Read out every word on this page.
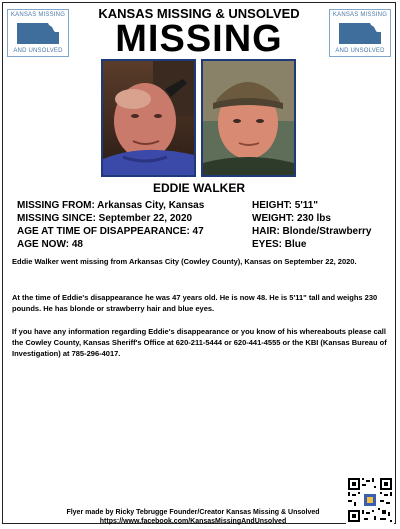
KANSAS MISSING
AND UNSOLVED
KANSAS MISSING & UNSOLVED
MISSING
KANSAS MISSING
AND UNSOLVED
EDDIE WALKER
MISSING FROM: Arkansas City, Kansas
MISSING SINCE: September 22, 2020
AGE AT TIME OF DISAPPEARANCE: 47
AGE NOW: 48
HEIGHT: 5'11"
WEIGHT: 230 lbs
HAIR: Blonde/Strawberry
EYES: Blue
Eddie Walker went missing from Arkansas City (Cowley County), Kansas on September 22, 2020.
At the time of Eddie's disappearance he was 47 years old. He is now 48. He is 5'11" tall and weighs 230 pounds. He has blonde or strawberry hair and blue eyes.
If you have any information regarding Eddie's disappearance or you know of his whereabouts please call the Cowley County, Kansas Sheriff's Office at 620-211-5444 or 620-441-4555 or the KBI (Kansas Bureau of Investigation) at 785-296-4017.
Flyer made by Ricky Tebrugge Founder/Creator Kansas Missing & Unsolved
https://www.facebook.com/KansasMissingAndUnsolved
